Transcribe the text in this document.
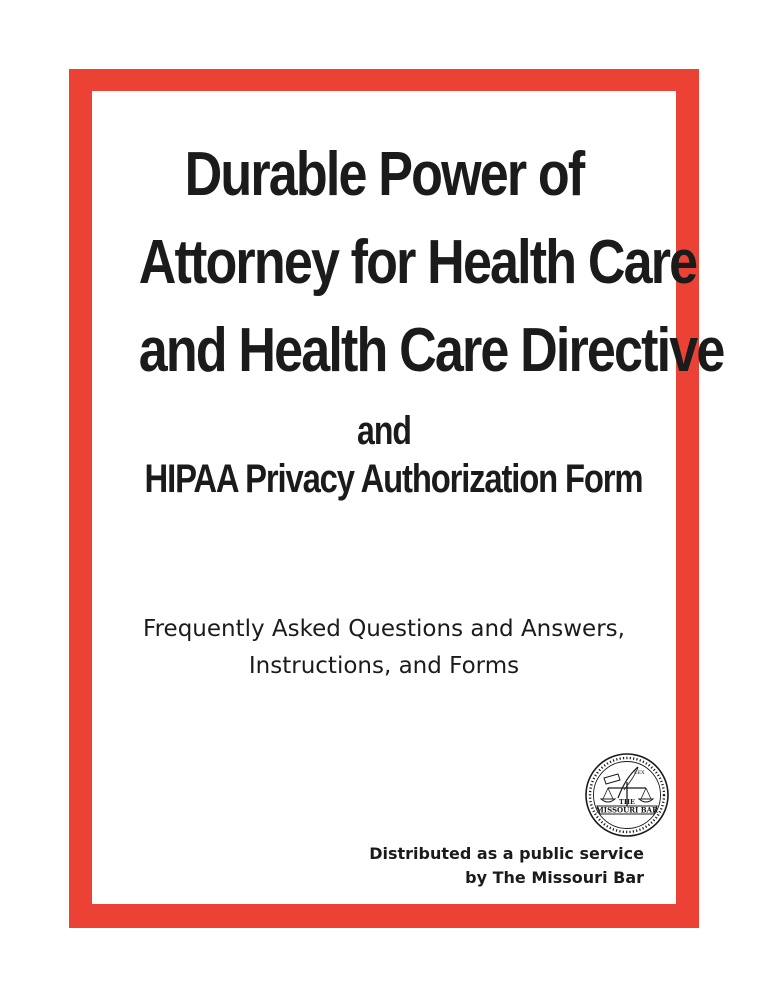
Durable Power of
Attorney for Health Care
and Health Care Directive
and
HIPAA Privacy Authorization Form
Frequently Asked Questions and Answers,
Instructions, and Forms
LEX
THE
MISSOURI BAR
Distributed as a public service
by The Missouri Bar
